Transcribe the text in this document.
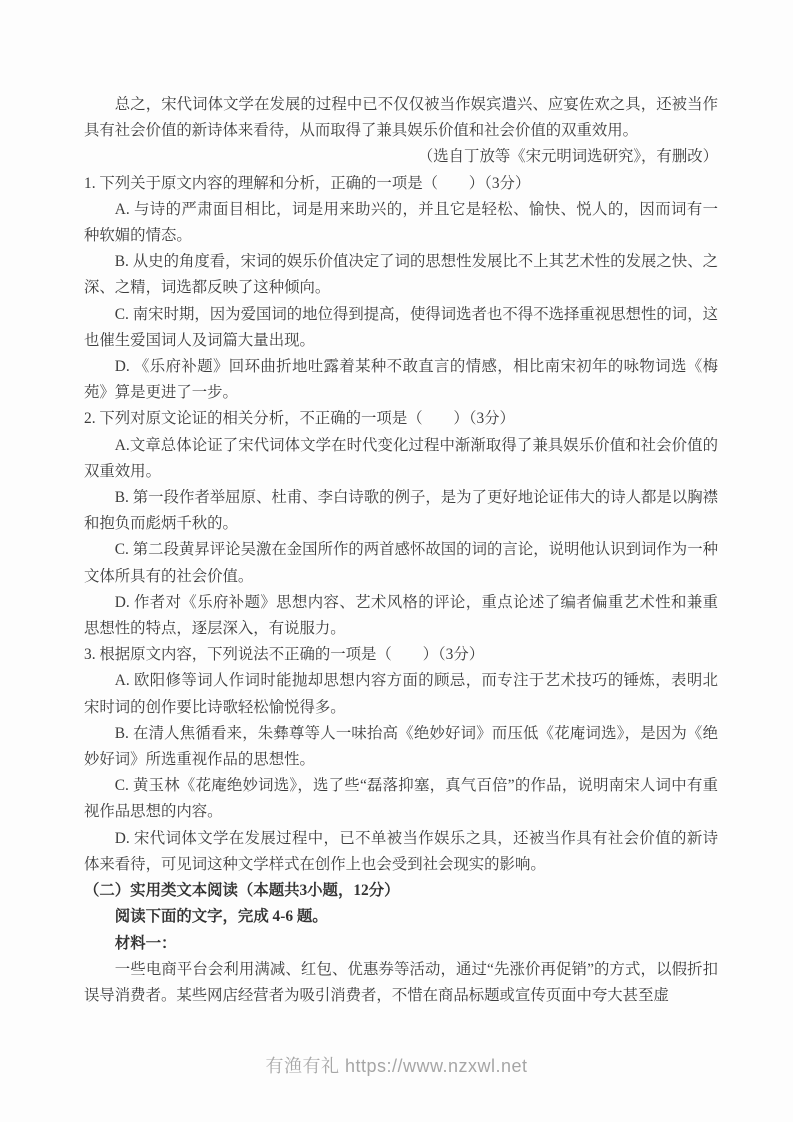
总之，宋代词体文学在发展的过程中已不仅仅被当作娱宾遣兴、应宴佐欢之具，还被当作具有社会价值的新诗体来看待，从而取得了兼具娱乐价值和社会价值的双重效用。

（选自丁放等《宋元明词选研究》，有删改）

1. 下列关于原文内容的理解和分析，正确的一项是（　　）（3分）

A. 与诗的严肃面目相比，词是用来助兴的，并且它是轻松、愉快、悦人的，因而词有一种软媚的情态。

B. 从史的角度看，宋词的娱乐价值决定了词的思想性发展比不上其艺术性的发展之快、之深、之精，词选都反映了这种倾向。

C. 南宋时期，因为爱国词的地位得到提高，使得词选者也不得不选择重视思想性的词，这也催生爱国词人及词篇大量出现。

D. 《乐府补题》回环曲折地吐露着某种不敢直言的情感，相比南宋初年的咏物词选《梅苑》算是更进了一步。

2. 下列对原文论证的相关分析，不正确的一项是（　　）（3分）

A.文章总体论证了宋代词体文学在时代变化过程中渐渐取得了兼具娱乐价值和社会价值的双重效用。

B. 第一段作者举屈原、杜甫、李白诗歌的例子，是为了更好地论证伟大的诗人都是以胸襟和抱负而彪炳千秋的。

C. 第二段黄昇评论吴激在金国所作的两首感怀故国的词的言论，说明他认识到词作为一种文体所具有的社会价值。

D. 作者对《乐府补题》思想内容、艺术风格的评论，重点论述了编者偏重艺术性和兼重思想性的特点，逐层深入，有说服力。

3. 根据原文内容，下列说法不正确的一项是（　　）（3分）

A. 欧阳修等词人作词时能抛却思想内容方面的顾忌，而专注于艺术技巧的锤炼，表明北宋时词的创作要比诗歌轻松愉悦得多。

B. 在清人焦循看来，朱彝尊等人一味抬高《绝妙好词》而压低《花庵词选》，是因为《绝妙好词》所选重视作品的思想性。

C. 黄玉林《花庵绝妙词选》，选了些“磊落抑塞，真气百倍”的作品，说明南宋人词中有重视作品思想的内容。

D. 宋代词体文学在发展过程中，已不单被当作娱乐之具，还被当作具有社会价值的新诗体来看待，可见词这种文学样式在创作上也会受到社会现实的影响。

（二）实用类文本阅读（本题共3小题，12分）

阅读下面的文字，完成 4-6 题。

材料一：

一些电商平台会利用满减、红包、优惠券等活动，通过“先涨价再促销”的方式，以假折扣误导消费者。某些网店经营者为吸引消费者，不惜在商品标题或宣传页面中夸大甚至虚

有渔有礼 https://www.nzxwl.net
